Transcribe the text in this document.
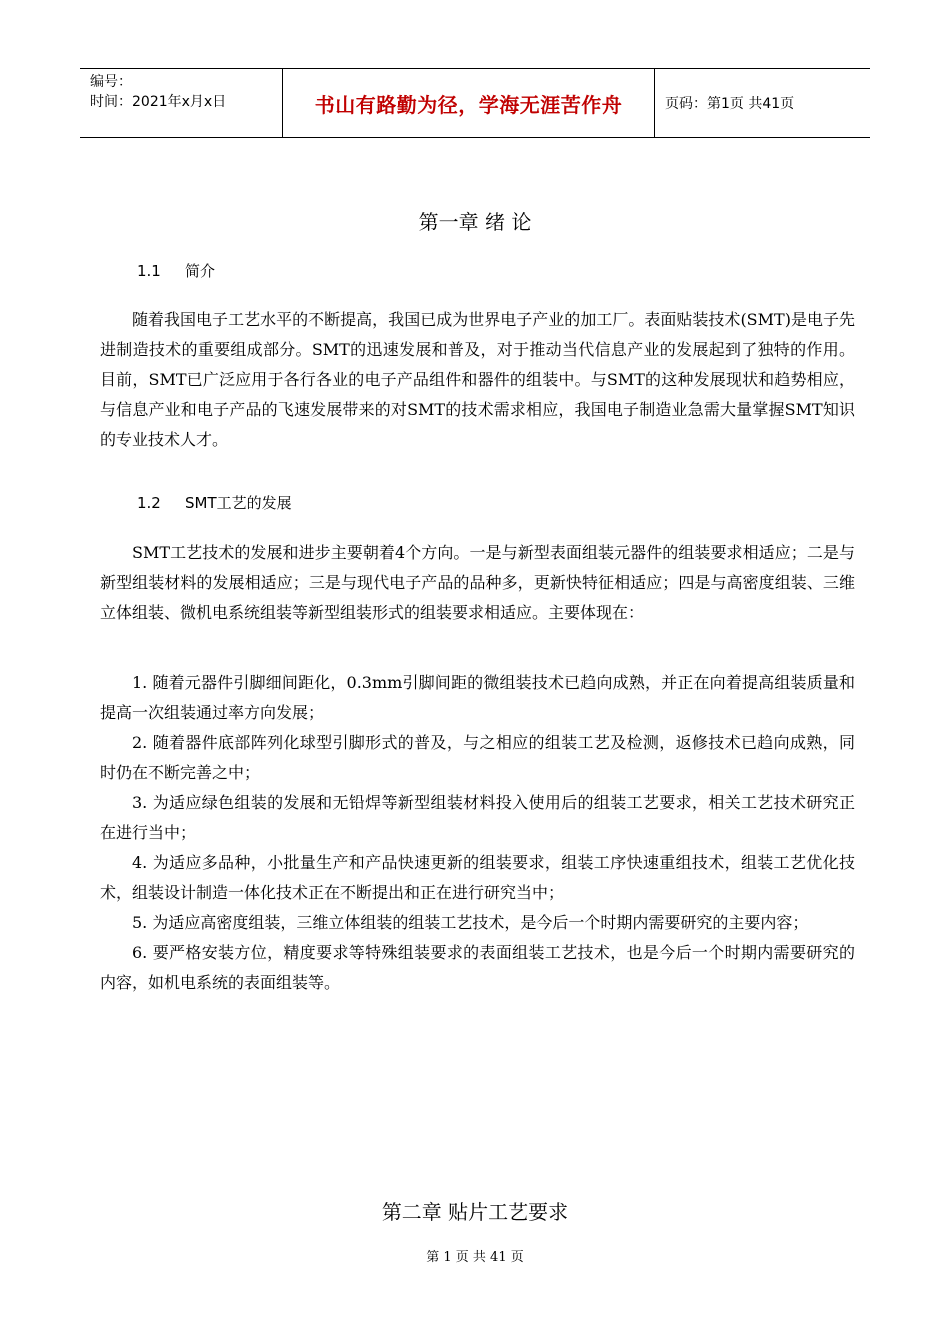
编号：
时间：2021年x月x日	书山有路勤为径，学海无涯苦作舟	页码：第1页 共41页
第一章 绪 论
1.1 简介

随着我国电子工艺水平的不断提高，我国已成为世界电子产业的加工厂。表面贴装技术(SMT)是电子先进制造技术的重要组成部分。SMT的迅速发展和普及，对于推动当代信息产业的发展起到了独特的作用。目前，SMT已广泛应用于各行各业的电子产品组件和器件的组装中。与SMT的这种发展现状和趋势相应，与信息产业和电子产品的飞速发展带来的对SMT的技术需求相应，我国电子制造业急需大量掌握SMT知识的专业技术人才。

1.2 SMT工艺的发展

SMT工艺技术的发展和进步主要朝着4个方向。一是与新型表面组装元器件的组装要求相适应；二是与新型组装材料的发展相适应；三是与现代电子产品的品种多，更新快特征相适应；四是与高密度组装、三维立体组装、微机电系统组装等新型组装形式的组装要求相适应。主要体现在：

1. 随着元器件引脚细间距化，0.3mm引脚间距的微组装技术已趋向成熟，并正在向着提高组装质量和提高一次组装通过率方向发展；
2. 随着器件底部阵列化球型引脚形式的普及，与之相应的组装工艺及检测，返修技术已趋向成熟，同时仍在不断完善之中；
3. 为适应绿色组装的发展和无铅焊等新型组装材料投入使用后的组装工艺要求，相关工艺技术研究正在进行当中；
4. 为适应多品种，小批量生产和产品快速更新的组装要求，组装工序快速重组技术，组装工艺优化技术，组装设计制造一体化技术正在不断提出和正在进行研究当中；
5. 为适应高密度组装，三维立体组装的组装工艺技术，是今后一个时期内需要研究的主要内容；
6. 要严格安装方位，精度要求等特殊组装要求的表面组装工艺技术，也是今后一个时期内需要研究的内容，如机电系统的表面组装等。
第二章 贴片工艺要求
第 1 页 共 41 页
